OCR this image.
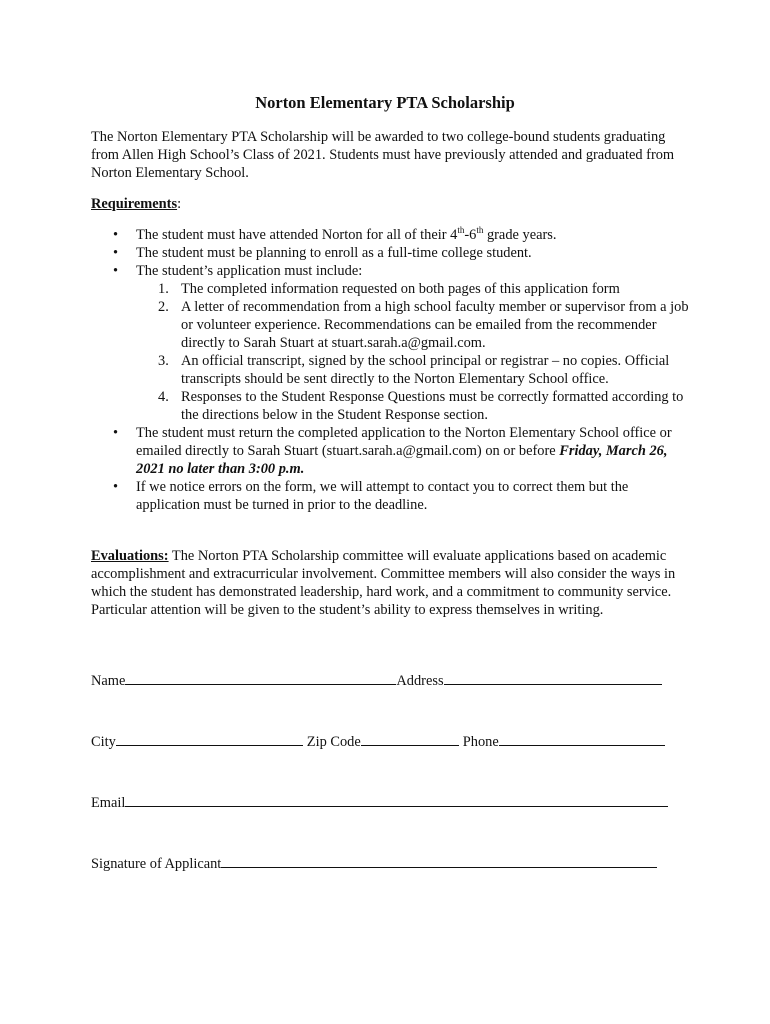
Norton Elementary PTA Scholarship
The Norton Elementary PTA Scholarship will be awarded to two college-bound students graduating from Allen High School’s Class of 2021. Students must have previously attended and graduated from Norton Elementary School.
Requirements:
• The student must have attended Norton for all of their 4th-6th grade years.
• The student must be planning to enroll as a full-time college student.
• The student’s application must include:
1. The completed information requested on both pages of this application form
2. A letter of recommendation from a high school faculty member or supervisor from a job or volunteer experience. Recommendations can be emailed from the recommender directly to Sarah Stuart at stuart.sarah.a@gmail.com.
3. An official transcript, signed by the school principal or registrar – no copies. Official transcripts should be sent directly to the Norton Elementary School office.
4. Responses to the Student Response Questions must be correctly formatted according to the directions below in the Student Response section.
• The student must return the completed application to the Norton Elementary School office or emailed directly to Sarah Stuart (stuart.sarah.a@gmail.com) on or before Friday, March 26, 2021 no later than 3:00 p.m.
• If we notice errors on the form, we will attempt to contact you to correct them but the application must be turned in prior to the deadline.
Evaluations: The Norton PTA Scholarship committee will evaluate applications based on academic accomplishment and extracurricular involvement. Committee members will also consider the ways in which the student has demonstrated leadership, hard work, and a commitment to community service. Particular attention will be given to the student’s ability to express themselves in writing.
Name	Address
City	Zip Code	Phone
Email
Signature of Applicant
